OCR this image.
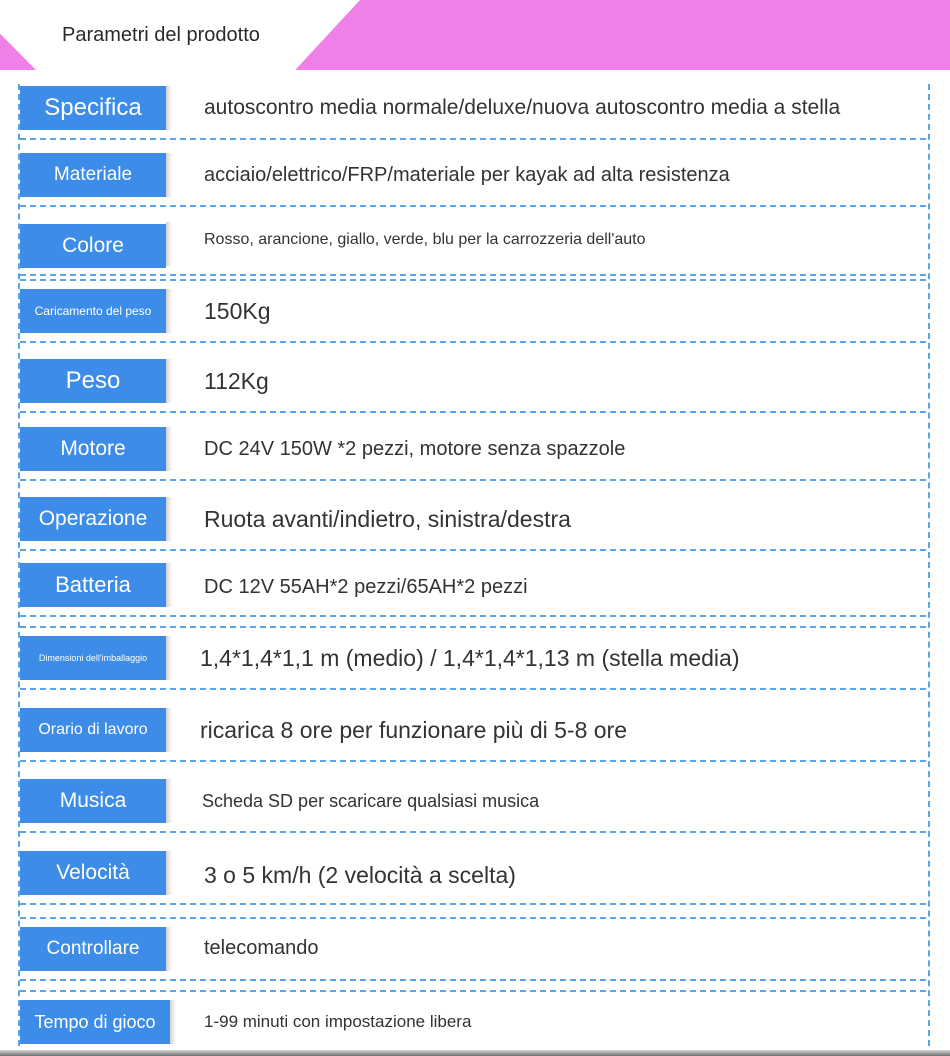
Parametri del prodotto
Specifica	autoscontro media normale/deluxe/nuova autoscontro media a stella
Materiale	acciaio/elettrico/FRP/materiale per kayak ad alta resistenza
Colore	Rosso, arancione, giallo, verde, blu per la carrozzeria dell'auto
Caricamento del peso	150Kg
Peso	112Kg
Motore	DC 24V 150W *2 pezzi, motore senza spazzole
Operazione	Ruota avanti/indietro, sinistra/destra
Batteria	DC 12V 55AH*2 pezzi/65AH*2 pezzi
Dimensioni dell'imballaggio	1,4*1,4*1,1 m (medio) / 1,4*1,4*1,13 m (stella media)
Orario di lavoro	ricarica 8 ore per funzionare più di 5-8 ore
Musica	Scheda SD per scaricare qualsiasi musica
Velocità	3 o 5 km/h (2 velocità a scelta)
Controllare	telecomando
Tempo di gioco	1-99 minuti con impostazione libera
